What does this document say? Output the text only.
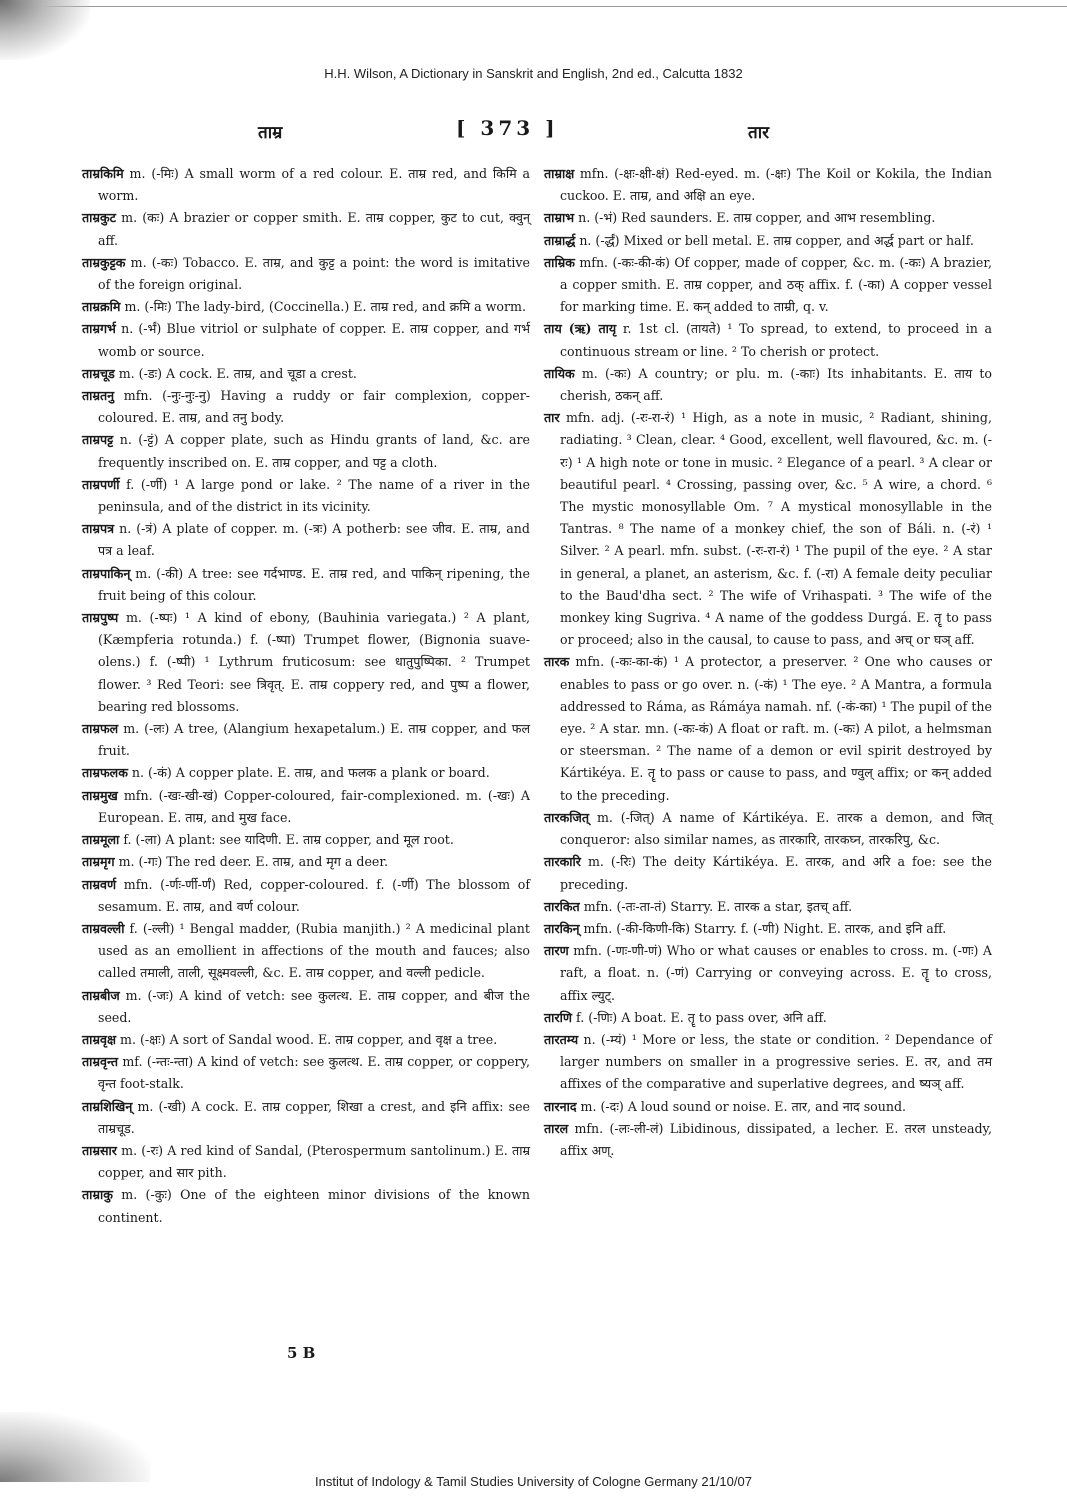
H.H. Wilson, A Dictionary in Sanskrit and English, 2nd ed., Calcutta 1832
ताम्र	[ 373 ]	तार

ताम्रकिमि m. (-मिः) A small worm of a red colour. E. ताम्र red, and किमि a worm.

ताम्रकुट m. (कः) A brazier or copper smith. E. ताम्र copper, कुट to cut, क्वुन् aff.

ताम्रकुट्टक m. (-कः) Tobacco. E. ताम्र, and कुट्ट a point: the word is imitative of the foreign original.

ताम्रक्रमि m. (-मिः) The lady-bird, (Coccinella.) E. ताम्र red, and क्रमि a worm.

ताम्रगर्भ n. (-र्भं) Blue vitriol or sulphate of copper. E. ताम्र copper, and गर्भ womb or source.

ताम्रचूड m. (-डः) A cock. E. ताम्र, and चूडा a crest.

ताम्रतनु mfn. (-नुः-नुः-नु) Having a ruddy or fair complexion, copper-coloured. E. ताम्र, and तनु body.

ताम्रपट्ट n. (-ट्टं) A copper plate, such as Hindu grants of land, &c. are frequently inscribed on. E. ताम्र copper, and पट्ट a cloth.

ताम्रपर्णी f. (-र्णी) ¹ A large pond or lake. ² The name of a river in the peninsula, and of the district in its vicinity.

ताम्रपत्र n. (-त्रं) A plate of copper. m. (-त्रः) A potherb: see जीव. E. ताम्र, and पत्र a leaf.

ताम्रपाकिन् m. (-की) A tree: see गर्दभाण्ड. E. ताम्र red, and पाकिन् ripening, the fruit being of this colour.

ताम्रपुष्प m. (-ष्पः) ¹ A kind of ebony, (Bauhinia variegata.) ² A plant, (Kæmpferia rotunda.) f. (-ष्पा) Trumpet flower, (Bignonia suave-olens.) f. (-ष्पी) ¹ Lythrum fruticosum: see धातुपुष्पिका. ² Trumpet flower. ³ Red Teori: see त्रिवृत्. E. ताम्र coppery red, and पुष्प a flower, bearing red blossoms.

ताम्रफल m. (-लः) A tree, (Alangium hexapetalum.) E. ताम्र copper, and फल fruit.

ताम्रफलक n. (-कं) A copper plate. E. ताम्र, and फलक a plank or board.

ताम्रमुख mfn. (-खः-खी-खं) Copper-coloured, fair-complexioned. m. (-खः) A European. E. ताम्र, and मुख face.

ताम्रमूला f. (-ला) A plant: see यादिणी. E. ताम्र copper, and मूल root.

ताम्रमृग m. (-गः) The red deer. E. ताम्र, and मृग a deer.

ताम्रवर्ण mfn. (-र्णः-र्णी-र्णं) Red, copper-coloured. f. (-र्णी) The blossom of sesamum. E. ताम्र, and वर्ण colour.

ताम्रवल्ली f. (-ल्ली) ¹ Bengal madder, (Rubia manjith.) ² A medicinal plant used as an emollient in affections of the mouth and fauces; also called तमाली, ताली, सूक्ष्मवल्ली, &c. E. ताम्र copper, and वल्ली pedicle.

ताम्रबीज m. (-जः) A kind of vetch: see कुलत्थ. E. ताम्र copper, and बीज the seed.

ताम्रवृक्ष m. (-क्षः) A sort of Sandal wood. E. ताम्र copper, and वृक्ष a tree.

ताम्रवृन्त mf. (-न्तः-न्ता) A kind of vetch: see कुलत्थ. E. ताम्र copper, or coppery, वृन्त foot-stalk.

ताम्रशिखिन् m. (-खी) A cock. E. ताम्र copper, शिखा a crest, and इनि affix: see ताम्रचूड.

ताम्रसार m. (-रः) A red kind of Sandal, (Pterospermum santolinum.) E. ताम्र copper, and सार pith.

ताम्राकु m. (-कुः) One of the eighteen minor divisions of the known continent.

ताम्राक्ष mfn. (-क्षः-क्षी-क्षं) Red-eyed. m. (-क्षः) The Koil or Kokila, the Indian cuckoo. E. ताम्र, and अक्षि an eye.

ताम्राभ n. (-भं) Red saunders. E. ताम्र copper, and आभ resembling.

ताम्रार्द्ध n. (-र्द्धं) Mixed or bell metal. E. ताम्र copper, and अर्द्ध part or half.

ताम्रिक mfn. (-कः-की-कं) Of copper, made of copper, &c. m. (-कः) A brazier, a copper smith. E. ताम्र copper, and ठक् affix. f. (-का) A copper vessel for marking time. E. कन् added to ताम्री, q. v.

ताय (ऋ) तायृ r. 1st cl. (तायते) ¹ To spread, to extend, to proceed in a continuous stream or line. ² To cherish or protect.

तायिक m. (-कः) A country; or plu. m. (-काः) Its inhabitants. E. ताय to cherish, ठकन् aff.

तार mfn. adj. (-रः-रा-रं) ¹ High, as a note in music, ² Radiant, shining, radiating. ³ Clean, clear. ⁴ Good, excellent, well flavoured, &c. m. (-रः) ¹ A high note or tone in music. ² Elegance of a pearl. ³ A clear or beautiful pearl. ⁴ Crossing, passing over, &c. ⁵ A wire, a chord. ⁶ The mystic monosyllable Om. ⁷ A mystical monosyllable in the Tantras. ⁸ The name of a monkey chief, the son of Báli. n. (-रं) ¹ Silver. ² A pearl. mfn. subst. (-रः-रा-रं) ¹ The pupil of the eye. ² A star in general, a planet, an asterism, &c. f. (-रा) A female deity peculiar to the Baud'dha sect. ² The wife of Vrihaspati. ³ The wife of the monkey king Sugriva. ⁴ A name of the goddess Durgá. E. तॄ to pass or proceed; also in the causal, to cause to pass, and अच् or घञ् aff.

तारक mfn. (-कः-का-कं) ¹ A protector, a preserver. ² One who causes or enables to pass or go over. n. (-कं) ¹ The eye. ² A Mantra, a formula addressed to Ráma, as Rámáya namah. nf. (-कं-का) ¹ The pupil of the eye. ² A star. mn. (-कः-कं) A float or raft. m. (-कः) A pilot, a helmsman or steersman. ² The name of a demon or evil spirit destroyed by Kártikéya. E. तॄ to pass or cause to pass, and ण्वुल् affix; or कन् added to the preceding.

तारकजित् m. (-जित्) A name of Kártikéya. E. तारक a demon, and जित् conqueror: also similar names, as तारकारि, तारकघ्न, तारकरिपु, &c.

तारकारि m. (-रिः) The deity Kártikéya. E. तारक, and अरि a foe: see the preceding.

तारकित mfn. (-तः-ता-तं) Starry. E. तारक a star, इतच् aff.

तारकिन् mfn. (-की-किणी-कि) Starry. f. (-णी) Night. E. तारक, and इनि aff.

तारण mfn. (-णः-णी-णं) Who or what causes or enables to cross. m. (-णः) A raft, a float. n. (-णं) Carrying or conveying across. E. तॄ to cross, affix ल्युट्.

तारणि f. (-णिः) A boat. E. तॄ to pass over, अनि aff.

तारतम्य n. (-म्यं) ¹ More or less, the state or condition. ² Dependance of larger numbers on smaller in a progressive series. E. तर, and तम affixes of the comparative and superlative degrees, and ष्यञ् aff.

तारनाद m. (-दः) A loud sound or noise. E. तार, and नाद sound.

तारल mfn. (-लः-ली-लं) Libidinous, dissipated, a lecher. E. तरल unsteady, affix अण्.

5 B
Institut of Indology & Tamil Studies University of Cologne Germany 21/10/07
